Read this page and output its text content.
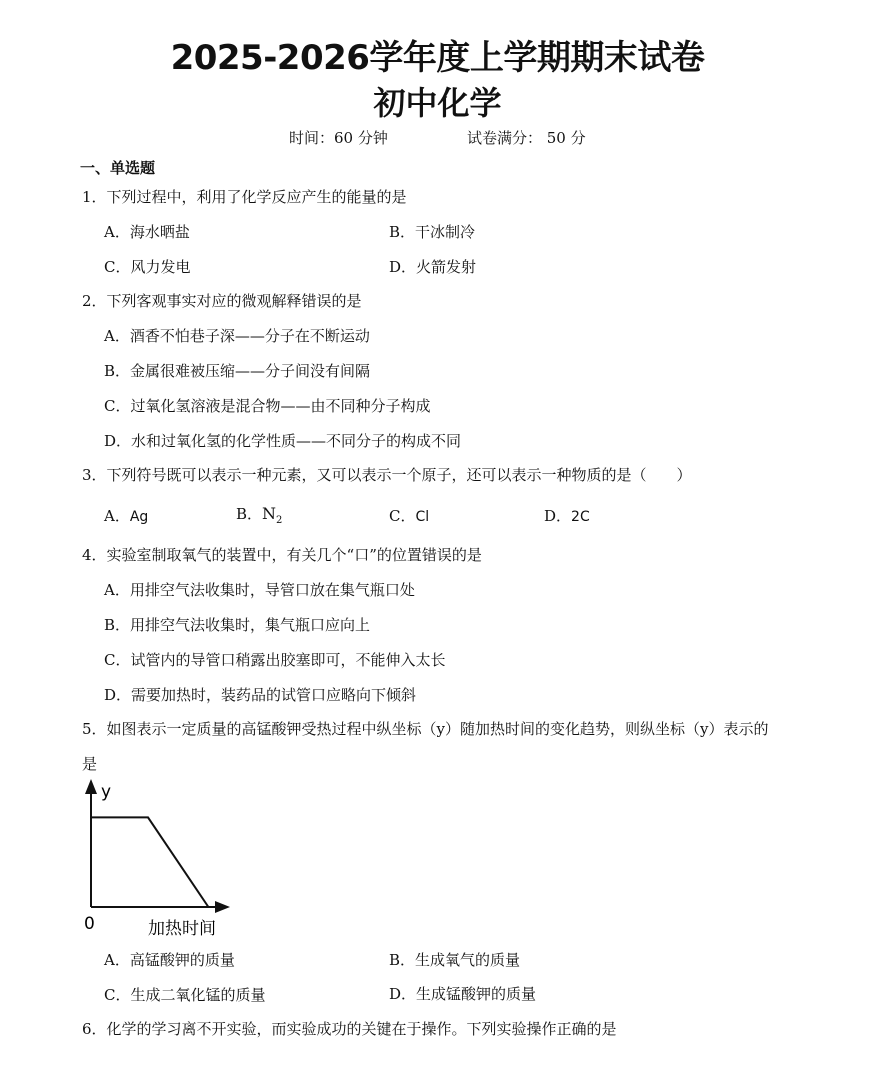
2025-2026学年度上学期期末试卷
初中化学
时间：60 分钟	试卷满分： 50 分
一、单选题
1．下列过程中，利用了化学反应产生的能量的是
A．海水晒盐	B．干冰制冷
C．风力发电	D．火箭发射
2．下列客观事实对应的微观解释错误的是
A．酒香不怕巷子深——分子在不断运动
B．金属很难被压缩——分子间没有间隔
C．过氧化氢溶液是混合物——由不同种分子构成
D．水和过氧化氢的化学性质——不同分子的构成不同
3．下列符号既可以表示一种元素，又可以表示一个原子，还可以表示一种物质的是（　　）
A．Ag	B．$N_2$	C．Cl	D．2C
4．实验室制取氧气的装置中，有关几个“口”的位置错误的是
A．用排空气法收集时，导管口放在集气瓶口处
B．用排空气法收集时，集气瓶口应向上
C．试管内的导管口稍露出胶塞即可，不能伸入太长
D．需要加热时，装药品的试管口应略向下倾斜
5．如图表示一定质量的高锰酸钾受热过程中纵坐标（y）随加热时间的变化趋势，则纵坐标（y）表示的
是
y
0	加热时间
A．高锰酸钾的质量	B．生成氧气的质量
C．生成二氧化锰的质量	D．生成锰酸钾的质量
6．化学的学习离不开实验，而实验成功的关键在于操作。下列实验操作正确的是
